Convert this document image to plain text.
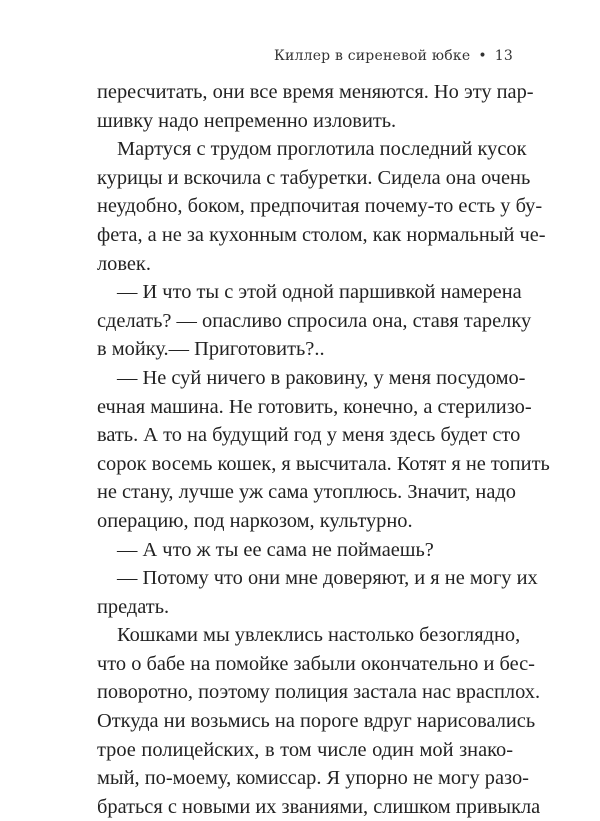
Киллер в сиреневой юбке • 13
пересчитать, они все время меняются. Но эту пар-
шивку надо непременно изловить.
Мартуся с трудом проглотила последний кусок
курицы и вскочила с табуретки. Сидела она очень
неудобно, боком, предпочитая почему-то есть у бу-
фета, а не за кухонным столом, как нормальный че-
ловек.
— И что ты с этой одной паршивкой намерена
сделать? — опасливо спросила она, ставя тарелку
в мойку.— Приготовить?..
— Не суй ничего в раковину, у меня посудомо-
ечная машина. Не готовить, конечно, а стерилизо-
вать. А то на будущий год у меня здесь будет сто
сорок восемь кошек, я высчитала. Котят я не топить
не стану, лучше уж сама утоплюсь. Значит, надо
операцию, под наркозом, культурно.
— А что ж ты ее сама не поймаешь?
— Потому что они мне доверяют, и я не могу их
предать.
Кошками мы увлеклись настолько безоглядно,
что о бабе на помойке забыли окончательно и бес-
поворотно, поэтому полиция застала нас врасплох.
Откуда ни возьмись на пороге вдруг нарисовались
трое полицейских, в том числе один мой знако-
мый, по-моему, комиссар. Я упорно не могу разо-
браться с новыми их званиями, слишком привыкла
